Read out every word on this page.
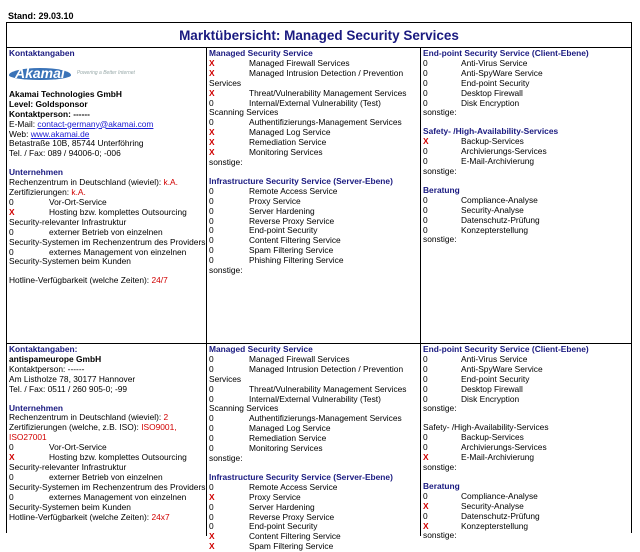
Stand: 29.03.10
Marktübersicht: Managed Security Services
Kontaktangaben
Akamai	Powering a Better Internet
Akamai Technologies GmbH
Level: Goldsponsor
Kontaktperson: ------
E-Mail: contact-germany@akamai.com
Web: www.akamai.de
Betastraße 10B, 85744 Unterföhring
Tel. / Fax: 089 / 94006-0; -006
Unternehmen
Rechenzentrum in Deutschland (wieviel): k.A.
Zertifizierungen: k.A.
0	Vor-Ort-Service
X	Hosting bzw. komplettes Outsourcing
Security-relevanter Infrastruktur
0	externer Betrieb von einzelnen
Security-Systemen im Rechenzentrum des Providers
0	externes Management von einzelnen
Security-Systemen beim Kunden
Hotline-Verfügbarkeit (welche Zeiten): 24/7
Managed Security Service
X	Managed Firewall Services
X	Managed Intrusion Detection / Prevention
Services
X	Threat/Vulnerability Management Services
0	Internal/External Vulnerability (Test)
Scanning Services
0	Authentifizierungs-Management Services
X	Managed Log Service
X	Remediation Service
X	Monitoring Services
sonstige:
Infrastructure Security Service (Server-Ebene)
0	Remote Access Service
0	Proxy Service
0	Server Hardening
0	Reverse Proxy Service
0	End-point Security
0	Content Filtering Service
0	Spam Filtering Service
0	Phishing Filtering Service
sonstige:
End-point Security Service (Client-Ebene)
0	Anti-Virus Service
0	Anti-SpyWare Service
0	End-point Security
0	Desktop Firewall
0	Disk Encryption
sonstige:
Safety- /High-Availability-Services
X	Backup-Services
0	Archivierungs-Services
0	E-Mail-Archivierung
sonstige:
Beratung
0	Compliance-Analyse
0	Security-Analyse
0	Datenschutz-Prüfung
0	Konzepterstellung
sonstige:
Kontaktangaben:
antispameurope GmbH
Kontaktperson: ------
Am Listholze 78, 30177 Hannover
Tel. / Fax: 0511 / 260 905-0; -99
Unternehmen
Rechenzentrum in Deutschland (wieviel): 2
Zertifizierungen (welche, z.B. ISO): ISO9001, ISO27001
0	Vor-Ort-Service
X	Hosting bzw. komplettes Outsourcing
Security-relevanter Infrastruktur
0	externer Betrieb von einzelnen
Security-Systemen im Rechenzentrum des Providers
0	externes Management von einzelnen
Security-Systemen beim Kunden
Hotline-Verfügbarkeit (welche Zeiten): 24x7
Managed Security Service
0	Managed Firewall Services
0	Managed Intrusion Detection / Prevention
Services
0	Threat/Vulnerability Management Services
0	Internal/External Vulnerability (Test)
Scanning Services
0	Authentifizierungs-Management Services
0	Managed Log Service
0	Remediation Service
0	Monitoring Services
sonstige:
Infrastructure Security Service (Server-Ebene)
0	Remote Access Service
X	Proxy Service
0	Server Hardening
0	Reverse Proxy Service
0	End-point Security
X	Content Filtering Service
X	Spam Filtering Service
End-point Security Service (Client-Ebene)
0	Anti-Virus Service
0	Anti-SpyWare Service
0	End-point Security
0	Desktop Firewall
0	Disk Encryption
sonstige:
Safety- /High-Availability-Services
0	Backup-Services
0	Archivierungs-Services
X	E-Mail-Archivierung
sonstige:
Beratung
0	Compliance-Analyse
X	Security-Analyse
0	Datenschutz-Prüfung
X	Konzepterstellung
sonstige:
